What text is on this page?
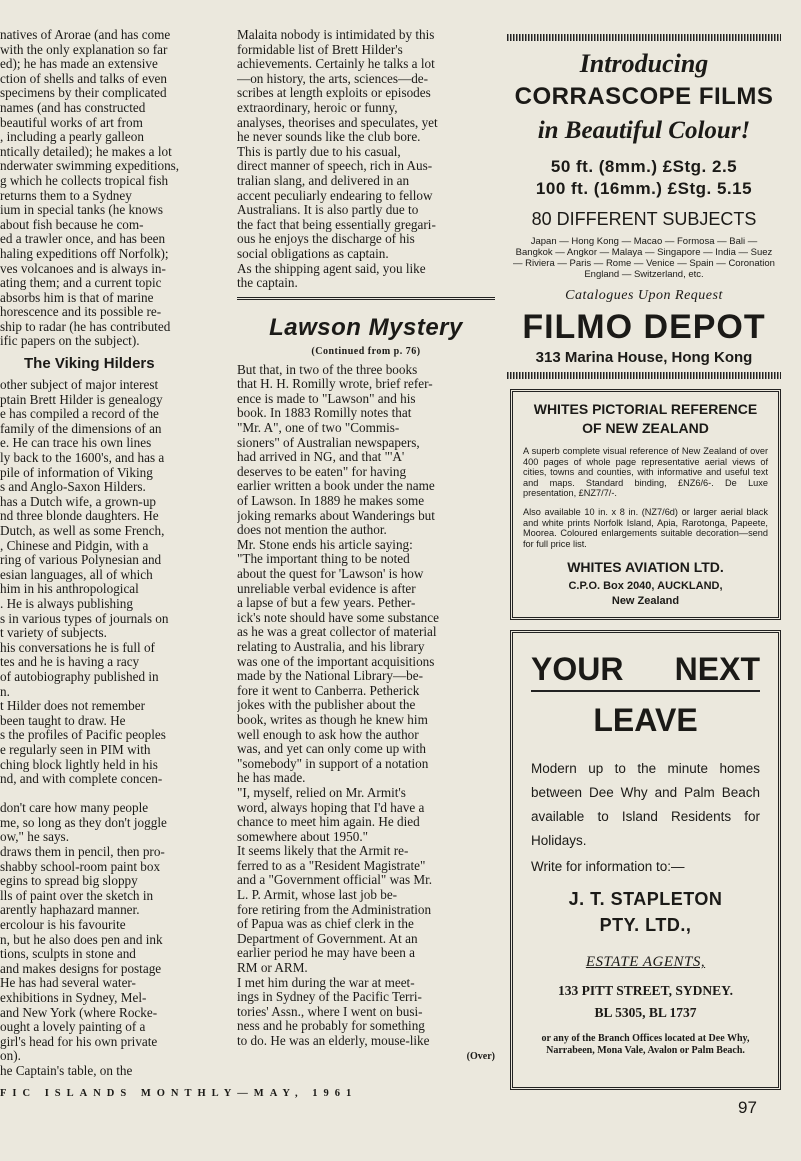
natives of Arorae (and has come

with the only explanation so far

ed); he has made an extensive

ction of shells and talks of even

specimens by their complicated

names (and has constructed

beautiful works of art from

, including a pearly galleon

ntically detailed); he makes a lot

nderwater swimming expeditions,

g which he collects tropical fish

returns them to a Sydney

ium in special tanks (he knows

about fish because he com-

ed a trawler once, and has been

haling expeditions off Norfolk);

ves volcanoes and is always in-

ating them; and a current topic

absorbs him is that of marine

horescence and its possible re-

ship to radar (he has contributed

ific papers on the subject).

The Viking Hilders

other subject of major interest

ptain Brett Hilder is genealogy

e has compiled a record of the

family of the dimensions of an

e. He can trace his own lines

ly back to the 1600's, and has a

pile of information of Viking

s and Anglo-Saxon Hilders.

has a Dutch wife, a grown-up

nd three blonde daughters. He

Dutch, as well as some French,

, Chinese and Pidgin, with a

ring of various Polynesian and

esian languages, all of which

him in his anthropological

. He is always publishing

s in various types of journals on

t variety of subjects.

his conversations he is full of

tes and he is having a racy

of autobiography published in

n.

t Hilder does not remember

been taught to draw. He

s the profiles of Pacific peoples

e regularly seen in PIM with

ching block lightly held in his

nd, and with complete concen-

don't care how many people

me, so long as they don't joggle

ow," he says.

draws them in pencil, then pro-

shabby school-room paint box

egins to spread big sloppy

lls of paint over the sketch in

arently haphazard manner.

ercolour is his favourite

n, but he also does pen and ink

tions, sculpts in stone and

and makes designs for postage

He has had several water-

exhibitions in Sydney, Mel-

and New York (where Rocke-

ought a lovely painting of a

girl's head for his own private

on).

he Captain's table, on the

Malaita nobody is intimidated by this

formidable list of Brett Hilder's

achievements. Certainly he talks a lot

—on history, the arts, sciences—de-

scribes at length exploits or episodes

extraordinary, heroic or funny,

analyses, theorises and speculates, yet

he never sounds like the club bore.

This is partly due to his casual,

direct manner of speech, rich in Aus-

tralian slang, and delivered in an

accent peculiarly endearing to fellow

Australians. It is also partly due to

the fact that being essentially gregari-

ous he enjoys the discharge of his

social obligations as captain.

As the shipping agent said, you like

the captain.

Lawson Mystery
(Continued from p. 76)

But that, in two of the three books

that H. H. Romilly wrote, brief refer-

ence is made to "Lawson" and his

book. In 1883 Romilly notes that

"Mr. A", one of two "Commis-

sioners" of Australian newspapers,

had arrived in NG, and that "'A'

deserves to be eaten" for having

earlier written a book under the name

of Lawson. In 1889 he makes some

joking remarks about Wanderings but

does not mention the author.

Mr. Stone ends his article saying:

"The important thing to be noted

about the quest for 'Lawson' is how

unreliable verbal evidence is after

a lapse of but a few years. Pether-

ick's note should have some substance

as he was a great collector of material

relating to Australia, and his library

was one of the important acquisitions

made by the National Library—be-

fore it went to Canberra. Petherick

jokes with the publisher about the

book, writes as though he knew him

well enough to ask how the author

was, and yet can only come up with

"somebody" in support of a notation

he has made.

"I, myself, relied on Mr. Armit's

word, always hoping that I'd have a

chance to meet him again. He died

somewhere about 1950."

It seems likely that the Armit re-

ferred to as a "Resident Magistrate"

and a "Government official" was Mr.

L. P. Armit, whose last job be-

fore retiring from the Administration

of Papua was as chief clerk in the

Department of Government. At an

earlier period he may have been a

RM or ARM.

I met him during the war at meet-

ings in Sydney of the Pacific Terri-

tories' Assn., where I went on busi-

ness and he probably for something

to do. He was an elderly, mouse-like

(Over)
Introducing
CORRASCOPE FILMS
in Beautiful Colour!
50 ft. (8mm.) £Stg. 2.5
100 ft. (16mm.) £Stg. 5.15
80 DIFFERENT SUBJECTS
Japan — Hong Kong — Macao — Formosa — Bali — Bangkok — Angkor — Malaya — Singapore — India — Suez — Riviera — Paris — Rome — Venice — Spain — Coronation England — Switzerland, etc.
Catalogues Upon Request
FILMO DEPOT
313 Marina House, Hong Kong
WHITES PICTORIAL REFERENCE OF NEW ZEALAND

A superb complete visual reference of New Zealand of over 400 pages of whole page representative aerial views of cities, towns and counties, with informative and useful text and maps. Standard binding, £NZ6/6-. De Luxe presentation, £NZ7/7/-.

Also available 10 in. x 8 in. (NZ7/6d) or larger aerial black and white prints Norfolk Island, Apia, Rarotonga, Papeete, Moorea. Coloured enlargements suitable decoration—send for full price list.

WHITES AVIATION LTD.
C.P.O. Box 2040, AUCKLAND,
New Zealand
YOUR NEXT
LEAVE
Modern up to the minute homes between Dee Why and Palm Beach available to Island Residents for Holidays.
Write for information to:—
J. T. STAPLETON
PTY. LTD.,
ESTATE AGENTS,
133 PITT STREET, SYDNEY.
BL 5305, BL 1737
or any of the Branch Offices located at Dee Why, Narrabeen, Mona Vale, Avalon or Palm Beach.
FIC ISLANDS MONTHLY—MAY, 1961
97
